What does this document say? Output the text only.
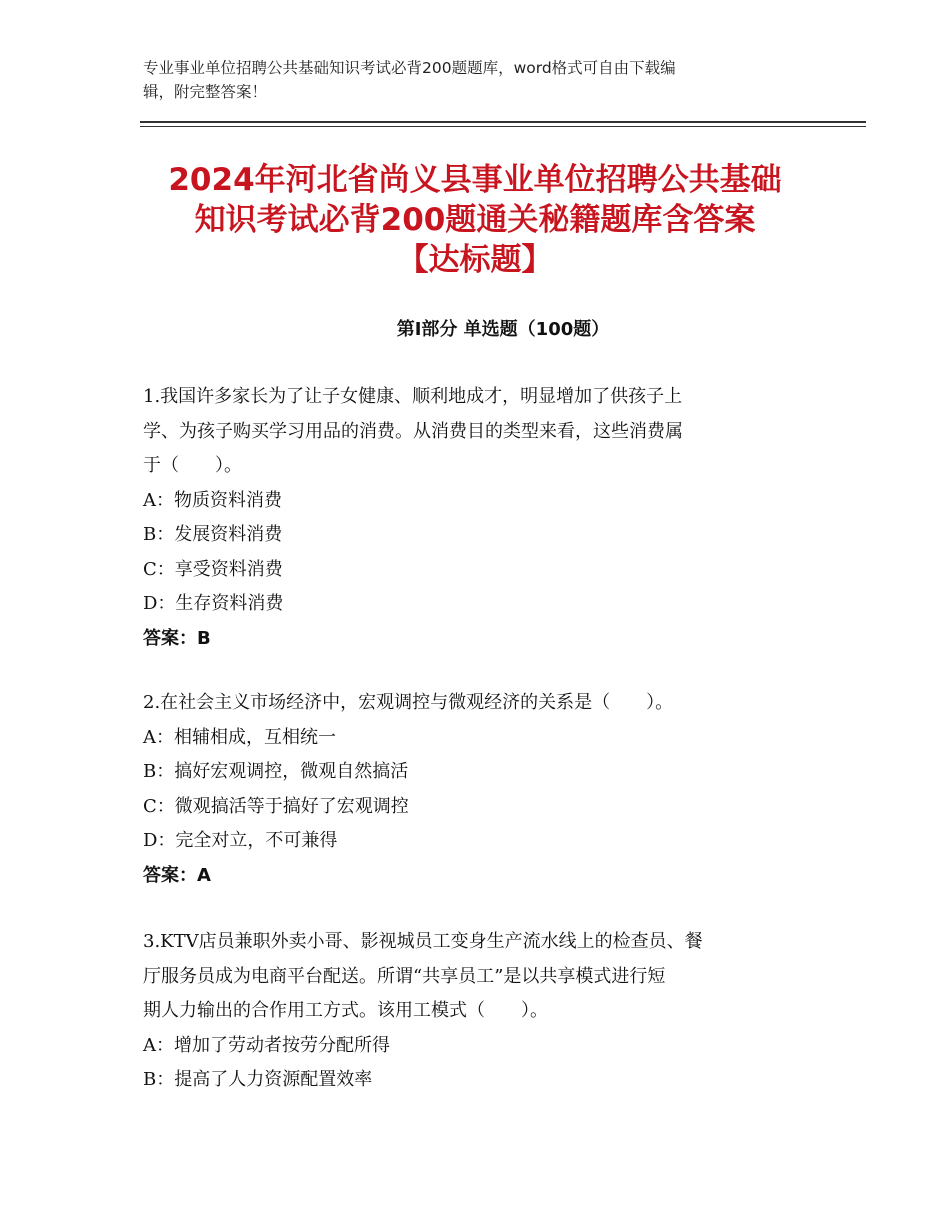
专业事业单位招聘公共基础知识考试必背200题题库，word格式可自由下载编
辑，附完整答案！
2024年河北省尚义县事业单位招聘公共基础
知识考试必背200题通关秘籍题库含答案
【达标题】
第Ⅰ部分 单选题（100题）
1.我国许多家长为了让子女健康、顺利地成才，明显增加了供孩子上
学、为孩子购买学习用品的消费。从消费目的类型来看，这些消费属
于（　　）。
A：物质资料消费
B：发展资料消费
C：享受资料消费
D：生存资料消费
答案：B
2.在社会主义市场经济中，宏观调控与微观经济的关系是（　　）。
A：相辅相成，互相统一
B：搞好宏观调控，微观自然搞活
C：微观搞活等于搞好了宏观调控
D：完全对立，不可兼得
答案：A
3.KTV店员兼职外卖小哥、影视城员工变身生产流水线上的检查员、餐
厅服务员成为电商平台配送。所谓“共享员工”是以共享模式进行短
期人力输出的合作用工方式。该用工模式（　　）。
A：增加了劳动者按劳分配所得
B：提高了人力资源配置效率
